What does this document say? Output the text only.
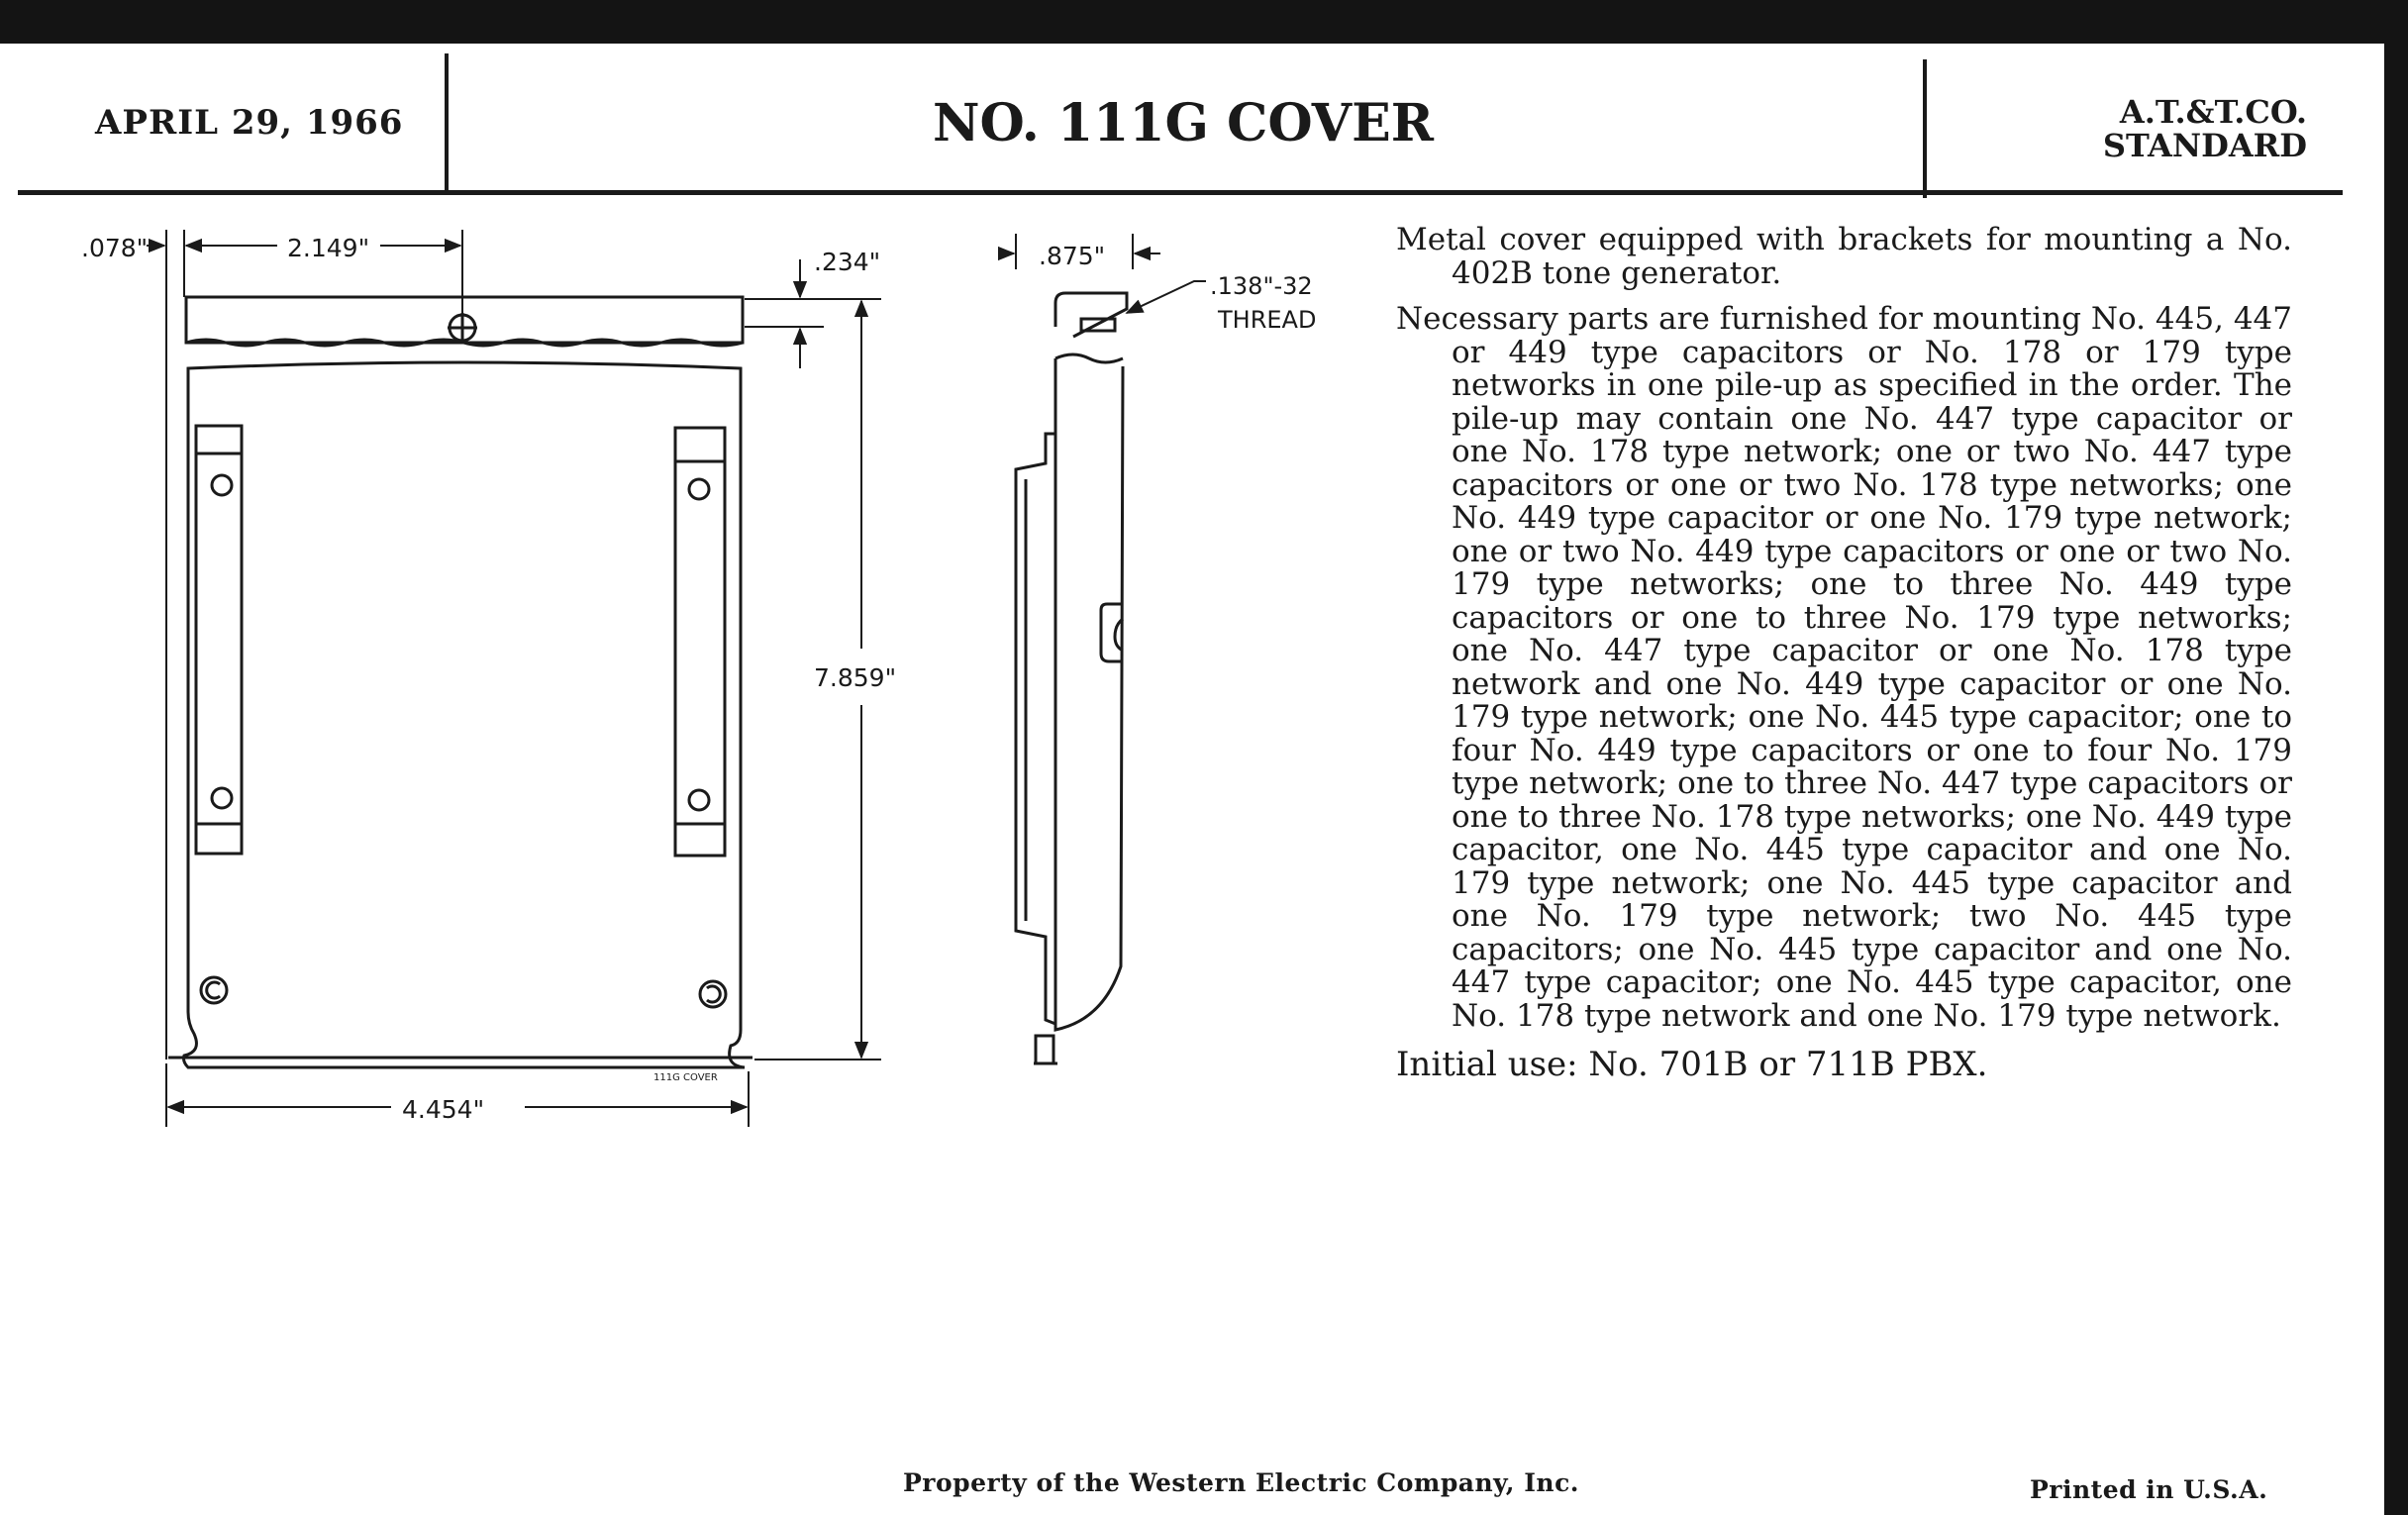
APRIL 29, 1966	NO. 111G COVER	A.T.&T.CO.
STANDARD
.078"	2.149"	.234"
7.859"
4.454"
111G COVER
.875"
.138"-32
THREAD

Metal cover equipped with brackets for mounting a No. 402B tone generator.

Necessary parts are furnished for mounting No. 445, 447 or 449 type capacitors or No. 178 or 179 type networks in one pile-up as specified in the order. The pile-up may contain one No. 447 type capacitor or one No. 178 type network; one or two No. 447 type capacitors or one or two No. 178 type networks; one No. 449 type capacitor or one No. 179 type network; one or two No. 449 type capacitors or one or two No. 179 type networks; one to three No. 449 type capacitors or one to three No. 179 type networks; one No. 447 type capacitor or one No. 178 type network and one No. 449 type capacitor or one No. 179 type network; one No. 445 type capacitor; one to four No. 449 type capacitors or one to four No. 179 type network; one to three No. 447 type capacitors or one to three No. 178 type networks; one No. 449 type capacitor, one No. 445 type capacitor and one No. 179 type network; one No. 445 type capacitor and one No. 179 type network; two No. 445 type capacitors; one No. 445 type capacitor and one No. 447 type capacitor; one No. 445 type capacitor, one No. 178 type network and one No. 179 type network.

Initial use: No. 701B or 711B PBX.

Property of the Western Electric Company, Inc.	Printed in U.S.A.
